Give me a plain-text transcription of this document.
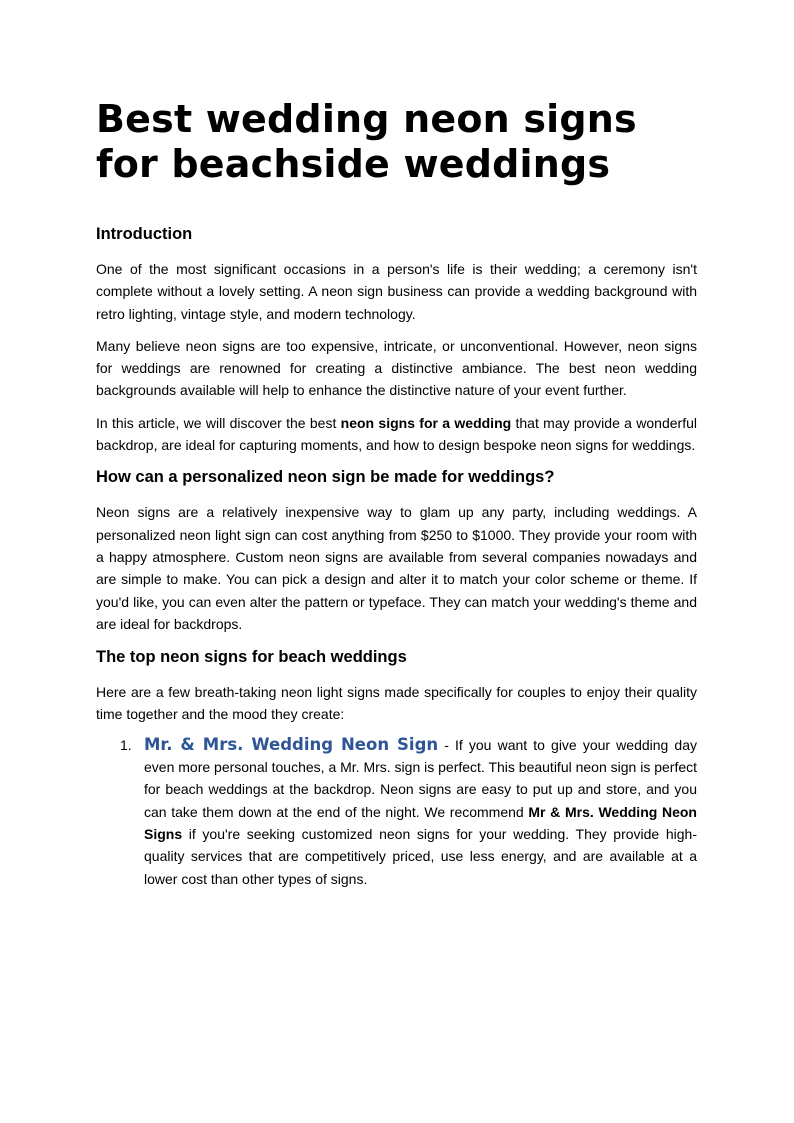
Best wedding neon signs for beachside weddings
Introduction

One of the most significant occasions in a person's life is their wedding; a ceremony isn't complete without a lovely setting. A neon sign business can provide a wedding background with retro lighting, vintage style, and modern technology.

Many believe neon signs are too expensive, intricate, or unconventional. However, neon signs for weddings are renowned for creating a distinctive ambiance. The best neon wedding backgrounds available will help to enhance the distinctive nature of your event further.

In this article, we will discover the best neon signs for a wedding that may provide a wonderful backdrop, are ideal for capturing moments, and how to design bespoke neon signs for weddings.

How can a personalized neon sign be made for weddings?

Neon signs are a relatively inexpensive way to glam up any party, including weddings. A personalized neon light sign can cost anything from $250 to $1000. They provide your room with a happy atmosphere. Custom neon signs are available from several companies nowadays and are simple to make. You can pick a design and alter it to match your color scheme or theme. If you'd like, you can even alter the pattern or typeface. They can match your wedding's theme and are ideal for backdrops.

The top neon signs for beach weddings

Here are a few breath-taking neon light signs made specifically for couples to enjoy their quality time together and the mood they create:

1. Mr. & Mrs. Wedding Neon Sign - If you want to give your wedding day even more personal touches, a Mr. Mrs. sign is perfect. This beautiful neon sign is perfect for beach weddings at the backdrop. Neon signs are easy to put up and store, and you can take them down at the end of the night. We recommend Mr & Mrs. Wedding Neon Signs if you're seeking customized neon signs for your wedding. They provide high-quality services that are competitively priced, use less energy, and are available at a lower cost than other types of signs.
